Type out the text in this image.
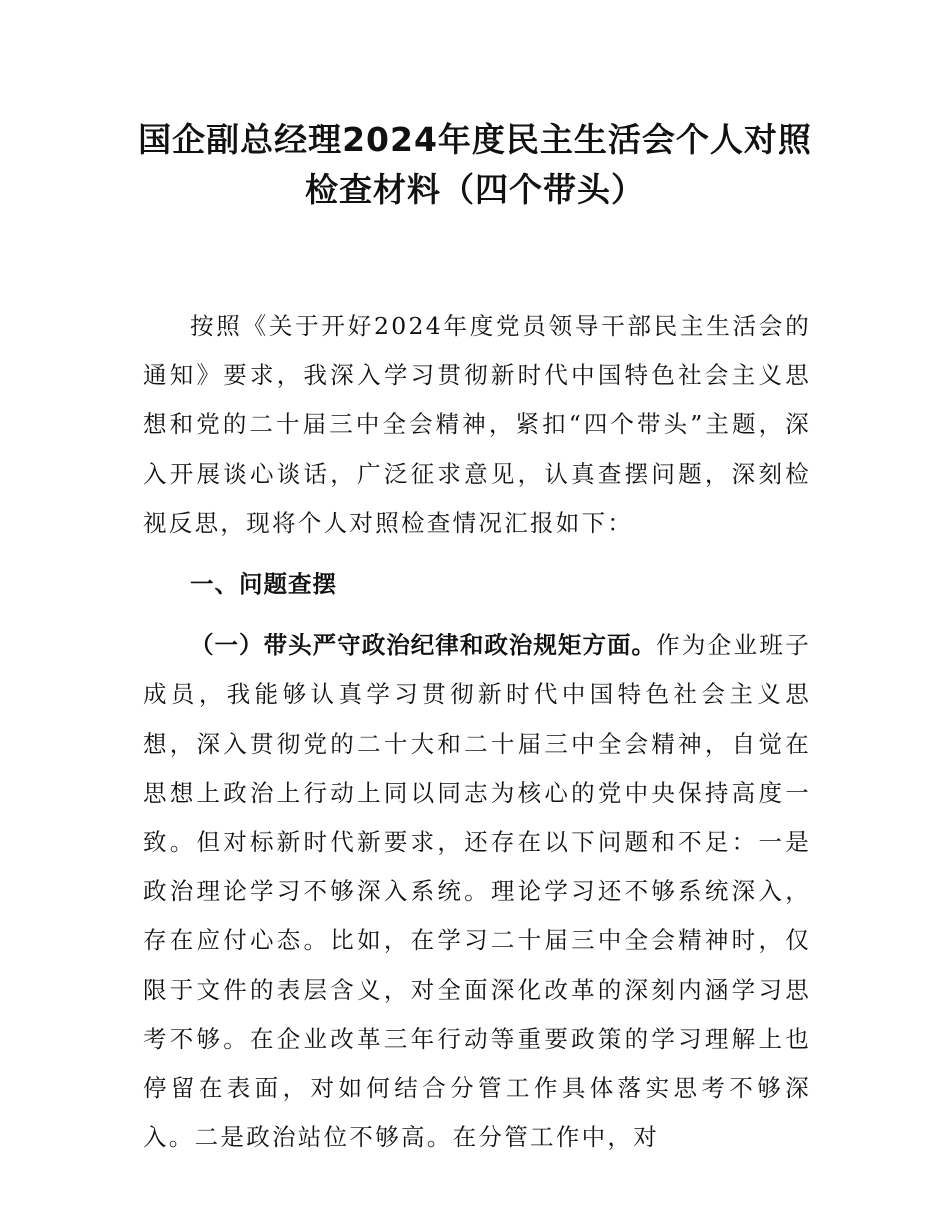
国企副总经理2024年度民主生活会个人对照
检查材料（四个带头）

按照《关于开好2024年度党员领导干部民主生活会的通知》要求，我深入学习贯彻新时代中国特色社会主义思想和党的二十届三中全会精神，紧扣“四个带头”主题，深入开展谈心谈话，广泛征求意见，认真查摆问题，深刻检视反思，现将个人对照检查情况汇报如下：

一、问题查摆

（一）带头严守政治纪律和政治规矩方面。作为企业班子成员，我能够认真学习贯彻新时代中国特色社会主义思想，深入贯彻党的二十大和二十届三中全会精神，自觉在思想上政治上行动上同以同志为核心的党中央保持高度一致。但对标新时代新要求，还存在以下问题和不足：一是政治理论学习不够深入系统。理论学习还不够系统深入，存在应付心态。比如，在学习二十届三中全会精神时，仅限于文件的表层含义，对全面深化改革的深刻内涵学习思考不够。在企业改革三年行动等重要政策的学习理解上也停留在表面，对如何结合分管工作具体落实思考不够深入。二是政治站位不够高。在分管工作中，对
